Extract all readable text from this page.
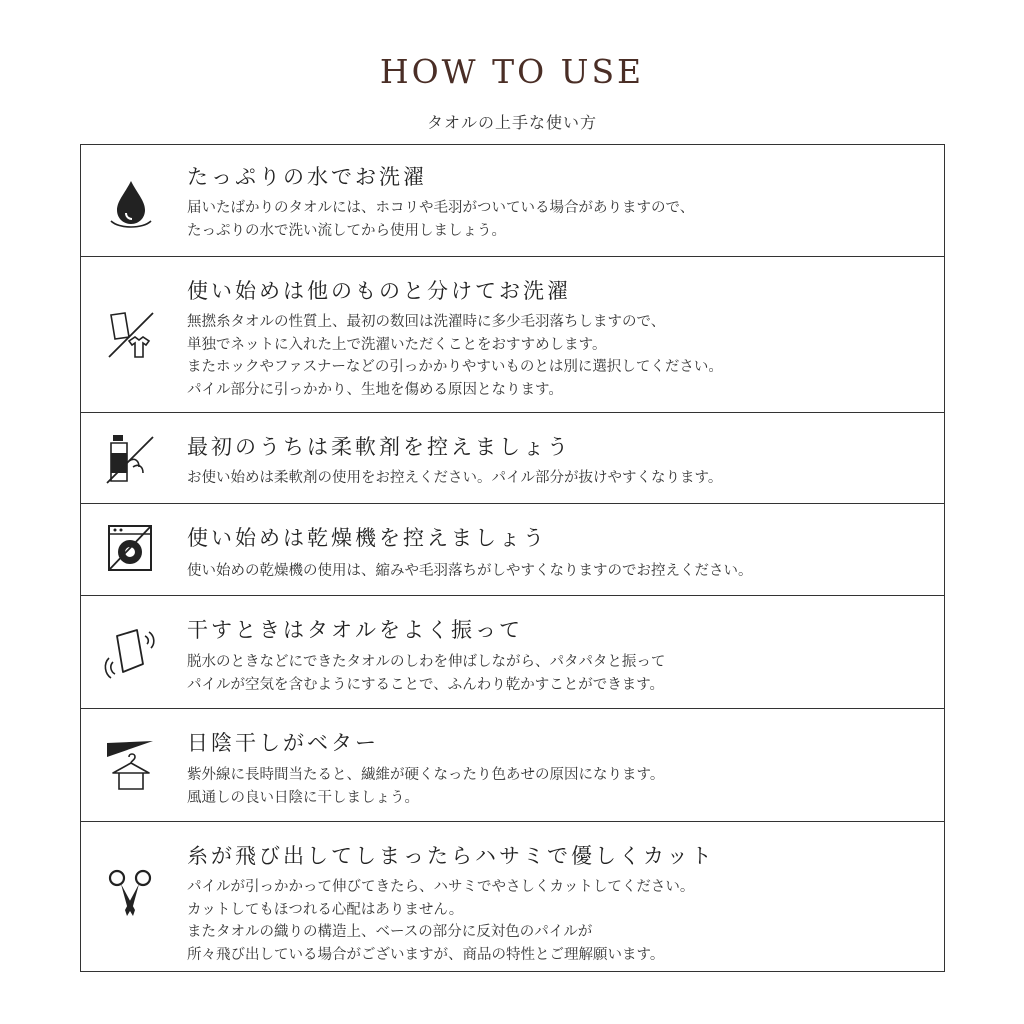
HOW TO USE
タオルの上手な使い方
たっぷりの水でお洗濯
届いたばかりのタオルには、ホコリや毛羽がついている場合がありますので、
たっぷりの水で洗い流してから使用しましょう。
使い始めは他のものと分けてお洗濯
無撚糸タオルの性質上、最初の数回は洗濯時に多少毛羽落ちしますので、
単独でネットに入れた上で洗濯いただくことをおすすめします。
またホックやファスナーなどの引っかかりやすいものとは別に選択してください。
パイル部分に引っかかり、生地を傷める原因となります。
最初のうちは柔軟剤を控えましょう
お使い始めは柔軟剤の使用をお控えください。パイル部分が抜けやすくなります。
使い始めは乾燥機を控えましょう
使い始めの乾燥機の使用は、縮みや毛羽落ちがしやすくなりますのでお控えください。
干すときはタオルをよく振って
脱水のときなどにできたタオルのしわを伸ばしながら、パタパタと振って
パイルが空気を含むようにすることで、ふんわり乾かすことができます。
日陰干しがベター
紫外線に長時間当たると、繊維が硬くなったり色あせの原因になります。
風通しの良い日陰に干しましょう。
糸が飛び出してしまったらハサミで優しくカット
パイルが引っかかって伸びてきたら、ハサミでやさしくカットしてください。
カットしてもほつれる心配はありません。
またタオルの織りの構造上、ベースの部分に反対色のパイルが
所々飛び出している場合がございますが、商品の特性とご理解願います。
